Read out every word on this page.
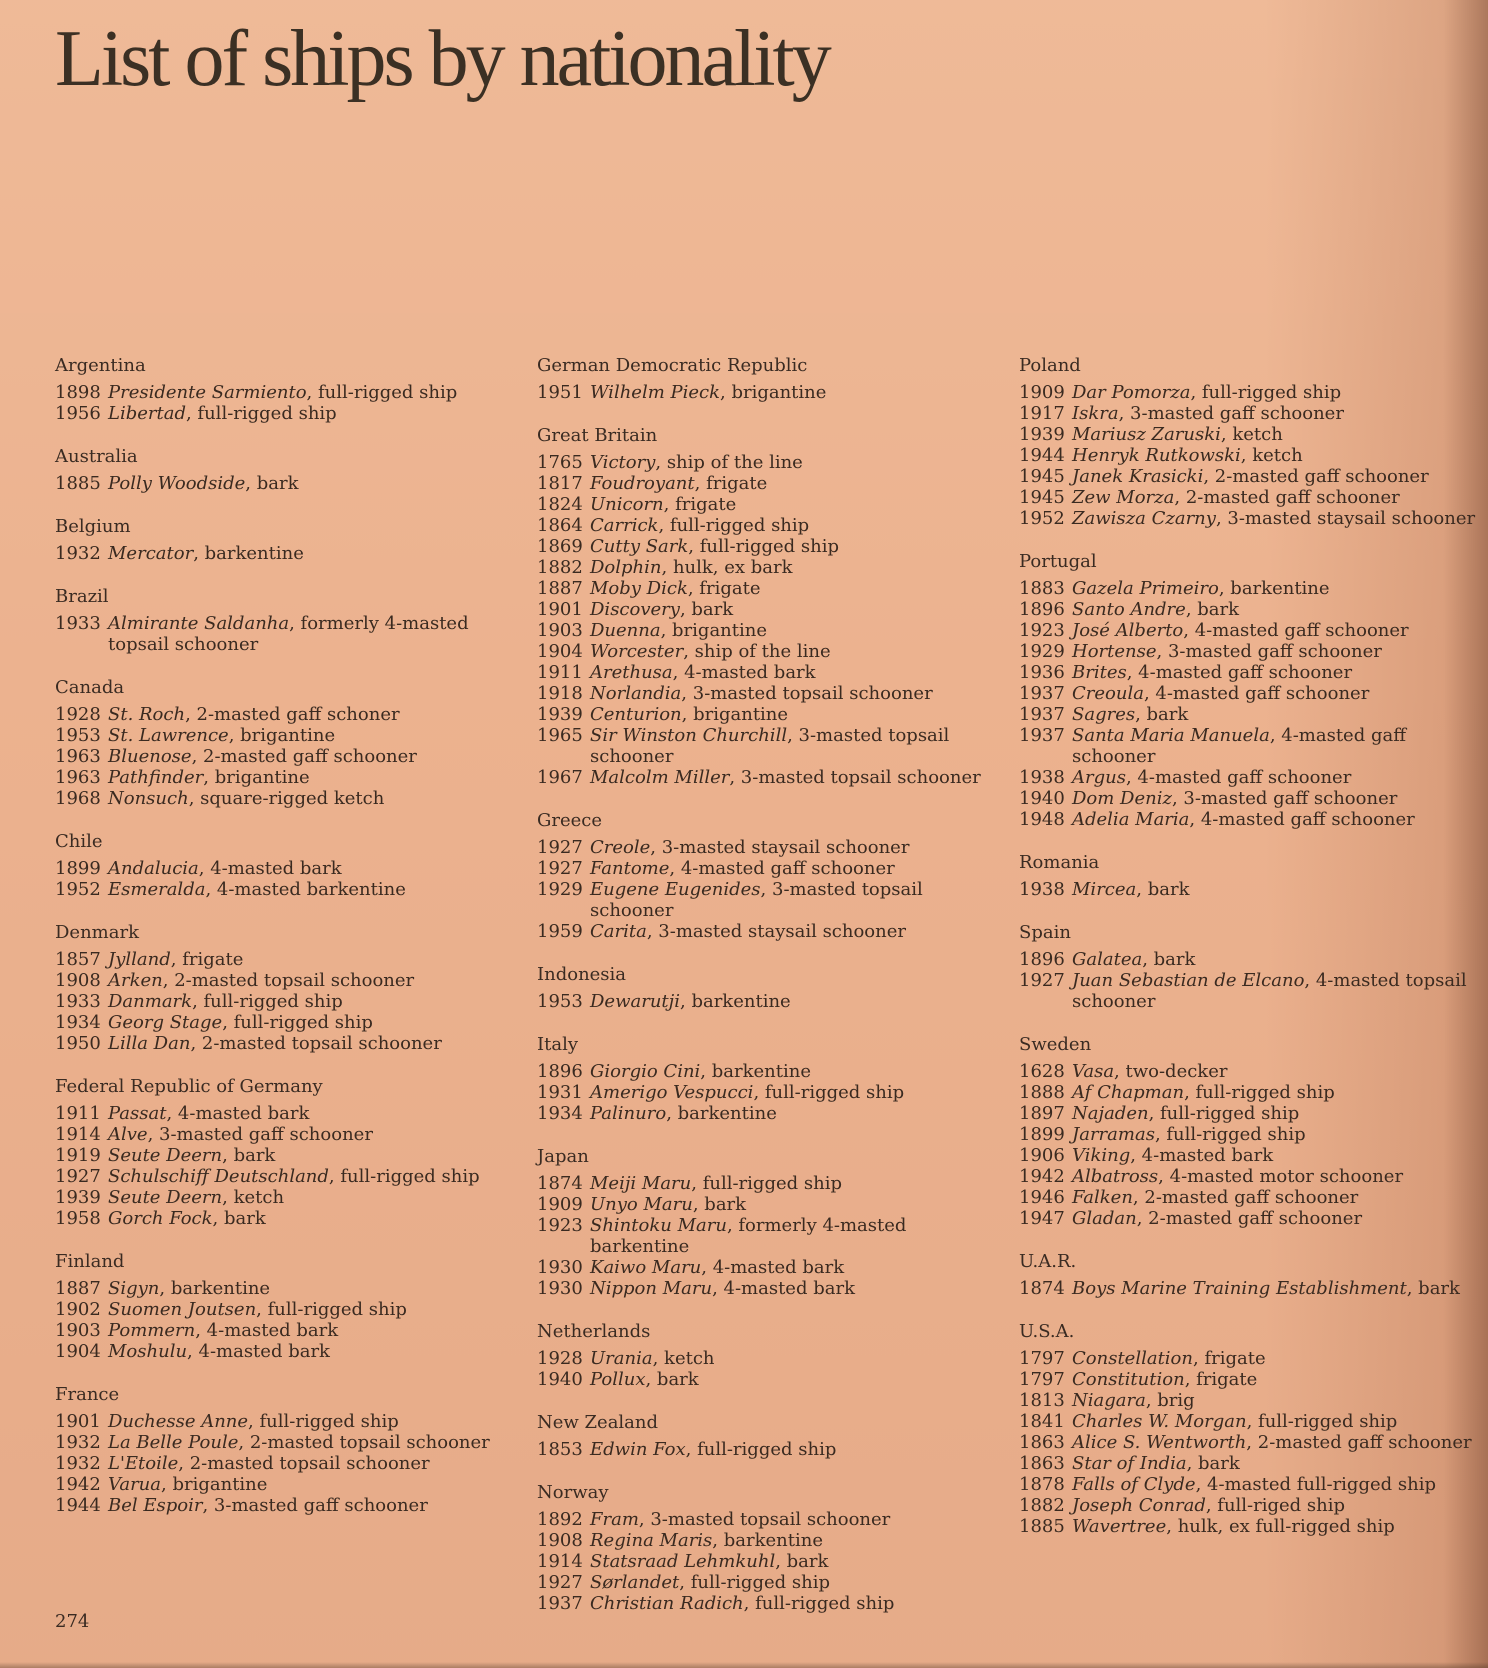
List of ships by nationality
Argentina
1898 Presidente Sarmiento, full-rigged ship
1956 Libertad, full-rigged ship
Australia
1885 Polly Woodside, bark
Belgium
1932 Mercator, barkentine
Brazil
1933 Almirante Saldanha, formerly 4-masted topsail schooner
Canada
1928 St. Roch, 2-masted gaff schoner
1953 St. Lawrence, brigantine
1963 Bluenose, 2-masted gaff schooner
1963 Pathfinder, brigantine
1968 Nonsuch, square-rigged ketch
Chile
1899 Andalucia, 4-masted bark
1952 Esmeralda, 4-masted barkentine
Denmark
1857 Jylland, frigate
1908 Arken, 2-masted topsail schooner
1933 Danmark, full-rigged ship
1934 Georg Stage, full-rigged ship
1950 Lilla Dan, 2-masted topsail schooner
Federal Republic of Germany
1911 Passat, 4-masted bark
1914 Alve, 3-masted gaff schooner
1919 Seute Deern, bark
1927 Schulschiff Deutschland, full-rigged ship
1939 Seute Deern, ketch
1958 Gorch Fock, bark
Finland
1887 Sigyn, barkentine
1902 Suomen Joutsen, full-rigged ship
1903 Pommern, 4-masted bark
1904 Moshulu, 4-masted bark
France
1901 Duchesse Anne, full-rigged ship
1932 La Belle Poule, 2-masted topsail schooner
1932 L'Etoile, 2-masted topsail schooner
1942 Varua, brigantine
1944 Bel Espoir, 3-masted gaff schooner
German Democratic Republic
1951 Wilhelm Pieck, brigantine
Great Britain
1765 Victory, ship of the line
1817 Foudroyant, frigate
1824 Unicorn, frigate
1864 Carrick, full-rigged ship
1869 Cutty Sark, full-rigged ship
1882 Dolphin, hulk, ex bark
1887 Moby Dick, frigate
1901 Discovery, bark
1903 Duenna, brigantine
1904 Worcester, ship of the line
1911 Arethusa, 4-masted bark
1918 Norlandia, 3-masted topsail schooner
1939 Centurion, brigantine
1965 Sir Winston Churchill, 3-masted topsail schooner
1967 Malcolm Miller, 3-masted topsail schooner
Greece
1927 Creole, 3-masted staysail schooner
1927 Fantome, 4-masted gaff schooner
1929 Eugene Eugenides, 3-masted topsail schooner
1959 Carita, 3-masted staysail schooner
Indonesia
1953 Dewarutji, barkentine
Italy
1896 Giorgio Cini, barkentine
1931 Amerigo Vespucci, full-rigged ship
1934 Palinuro, barkentine
Japan
1874 Meiji Maru, full-rigged ship
1909 Unyo Maru, bark
1923 Shintoku Maru, formerly 4-masted barkentine
1930 Kaiwo Maru, 4-masted bark
1930 Nippon Maru, 4-masted bark
Netherlands
1928 Urania, ketch
1940 Pollux, bark
New Zealand
1853 Edwin Fox, full-rigged ship
Norway
1892 Fram, 3-masted topsail schooner
1908 Regina Maris, barkentine
1914 Statsraad Lehmkuhl, bark
1927 Sørlandet, full-rigged ship
1937 Christian Radich, full-rigged ship
Poland
1909 Dar Pomorza, full-rigged ship
1917 Iskra, 3-masted gaff schooner
1939 Mariusz Zaruski, ketch
1944 Henryk Rutkowski, ketch
1945 Janek Krasicki, 2-masted gaff schooner
1945 Zew Morza, 2-masted gaff schooner
1952 Zawisza Czarny, 3-masted staysail schooner
Portugal
1883 Gazela Primeiro, barkentine
1896 Santo Andre, bark
1923 José Alberto, 4-masted gaff schooner
1929 Hortense, 3-masted gaff schooner
1936 Brites, 4-masted gaff schooner
1937 Creoula, 4-masted gaff schooner
1937 Sagres, bark
1937 Santa Maria Manuela, 4-masted gaff schooner
1938 Argus, 4-masted gaff schooner
1940 Dom Deniz, 3-masted gaff schooner
1948 Adelia Maria, 4-masted gaff schooner
Romania
1938 Mircea, bark
Spain
1896 Galatea, bark
1927 Juan Sebastian de Elcano, 4-masted topsail schooner
Sweden
1628 Vasa, two-decker
1888 Af Chapman, full-rigged ship
1897 Najaden, full-rigged ship
1899 Jarramas, full-rigged ship
1906 Viking, 4-masted bark
1942 Albatross, 4-masted motor schooner
1946 Falken, 2-masted gaff schooner
1947 Gladan, 2-masted gaff schooner
U.A.R.
1874 Boys Marine Training Establishment, bark
U.S.A.
1797 Constellation, frigate
1797 Constitution, frigate
1813 Niagara, brig
1841 Charles W. Morgan, full-rigged ship
1863 Alice S. Wentworth, 2-masted gaff schooner
1863 Star of India, bark
1878 Falls of Clyde, 4-masted full-rigged ship
1882 Joseph Conrad, full-riged ship
1885 Wavertree, hulk, ex full-rigged ship
274
